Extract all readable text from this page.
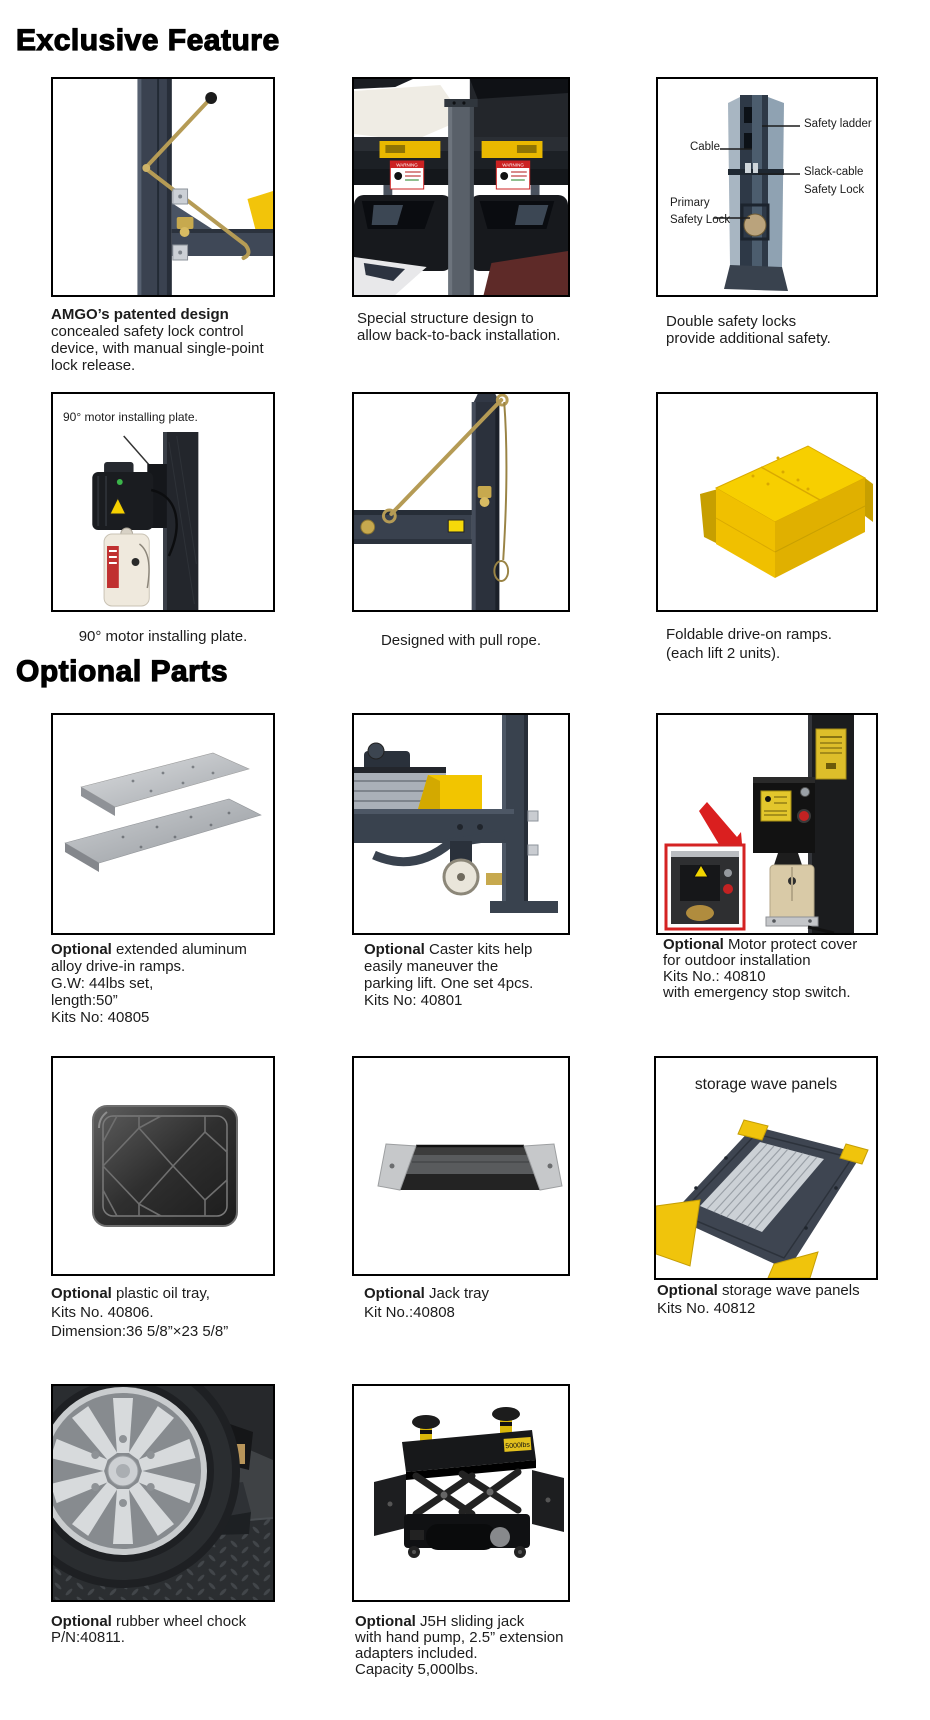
Exclusive Feature
WARNING	WARNING
Cable
Safety ladder
Slack-cable
Safety Lock
Primary
Safety Lock
AMGO’s patented design
concealed safety lock control
device, with manual single-point
lock release.
Special structure design to
allow back-to-back installation.
Double safety locks
provide additional safety.
90° motor installing plate.
90° motor installing plate.	Designed with pull rope.	Foldable drive-on ramps.
(each lift 2 units).
Optional Parts
Optional extended aluminum
alloy drive-in ramps.
G.W: 44lbs set,
length:50”
Kits No: 40805
Optional Caster kits help
easily maneuver the
parking lift. One set 4pcs.
Kits No: 40801
Optional Motor protect cover
for outdoor installation
Kits No.: 40810
with emergency stop switch.
storage wave panels
Optional plastic oil tray,
Kits No. 40806.
Dimension:36 5/8”×23 5/8”
Optional Jack tray
Kit No.:40808
Optional storage wave panels
Kits No. 40812
5000lbs
Optional rubber wheel chock
P/N:40811.
Optional J5H sliding jack
with hand pump, 2.5” extension
adapters included.
Capacity 5,000lbs.
